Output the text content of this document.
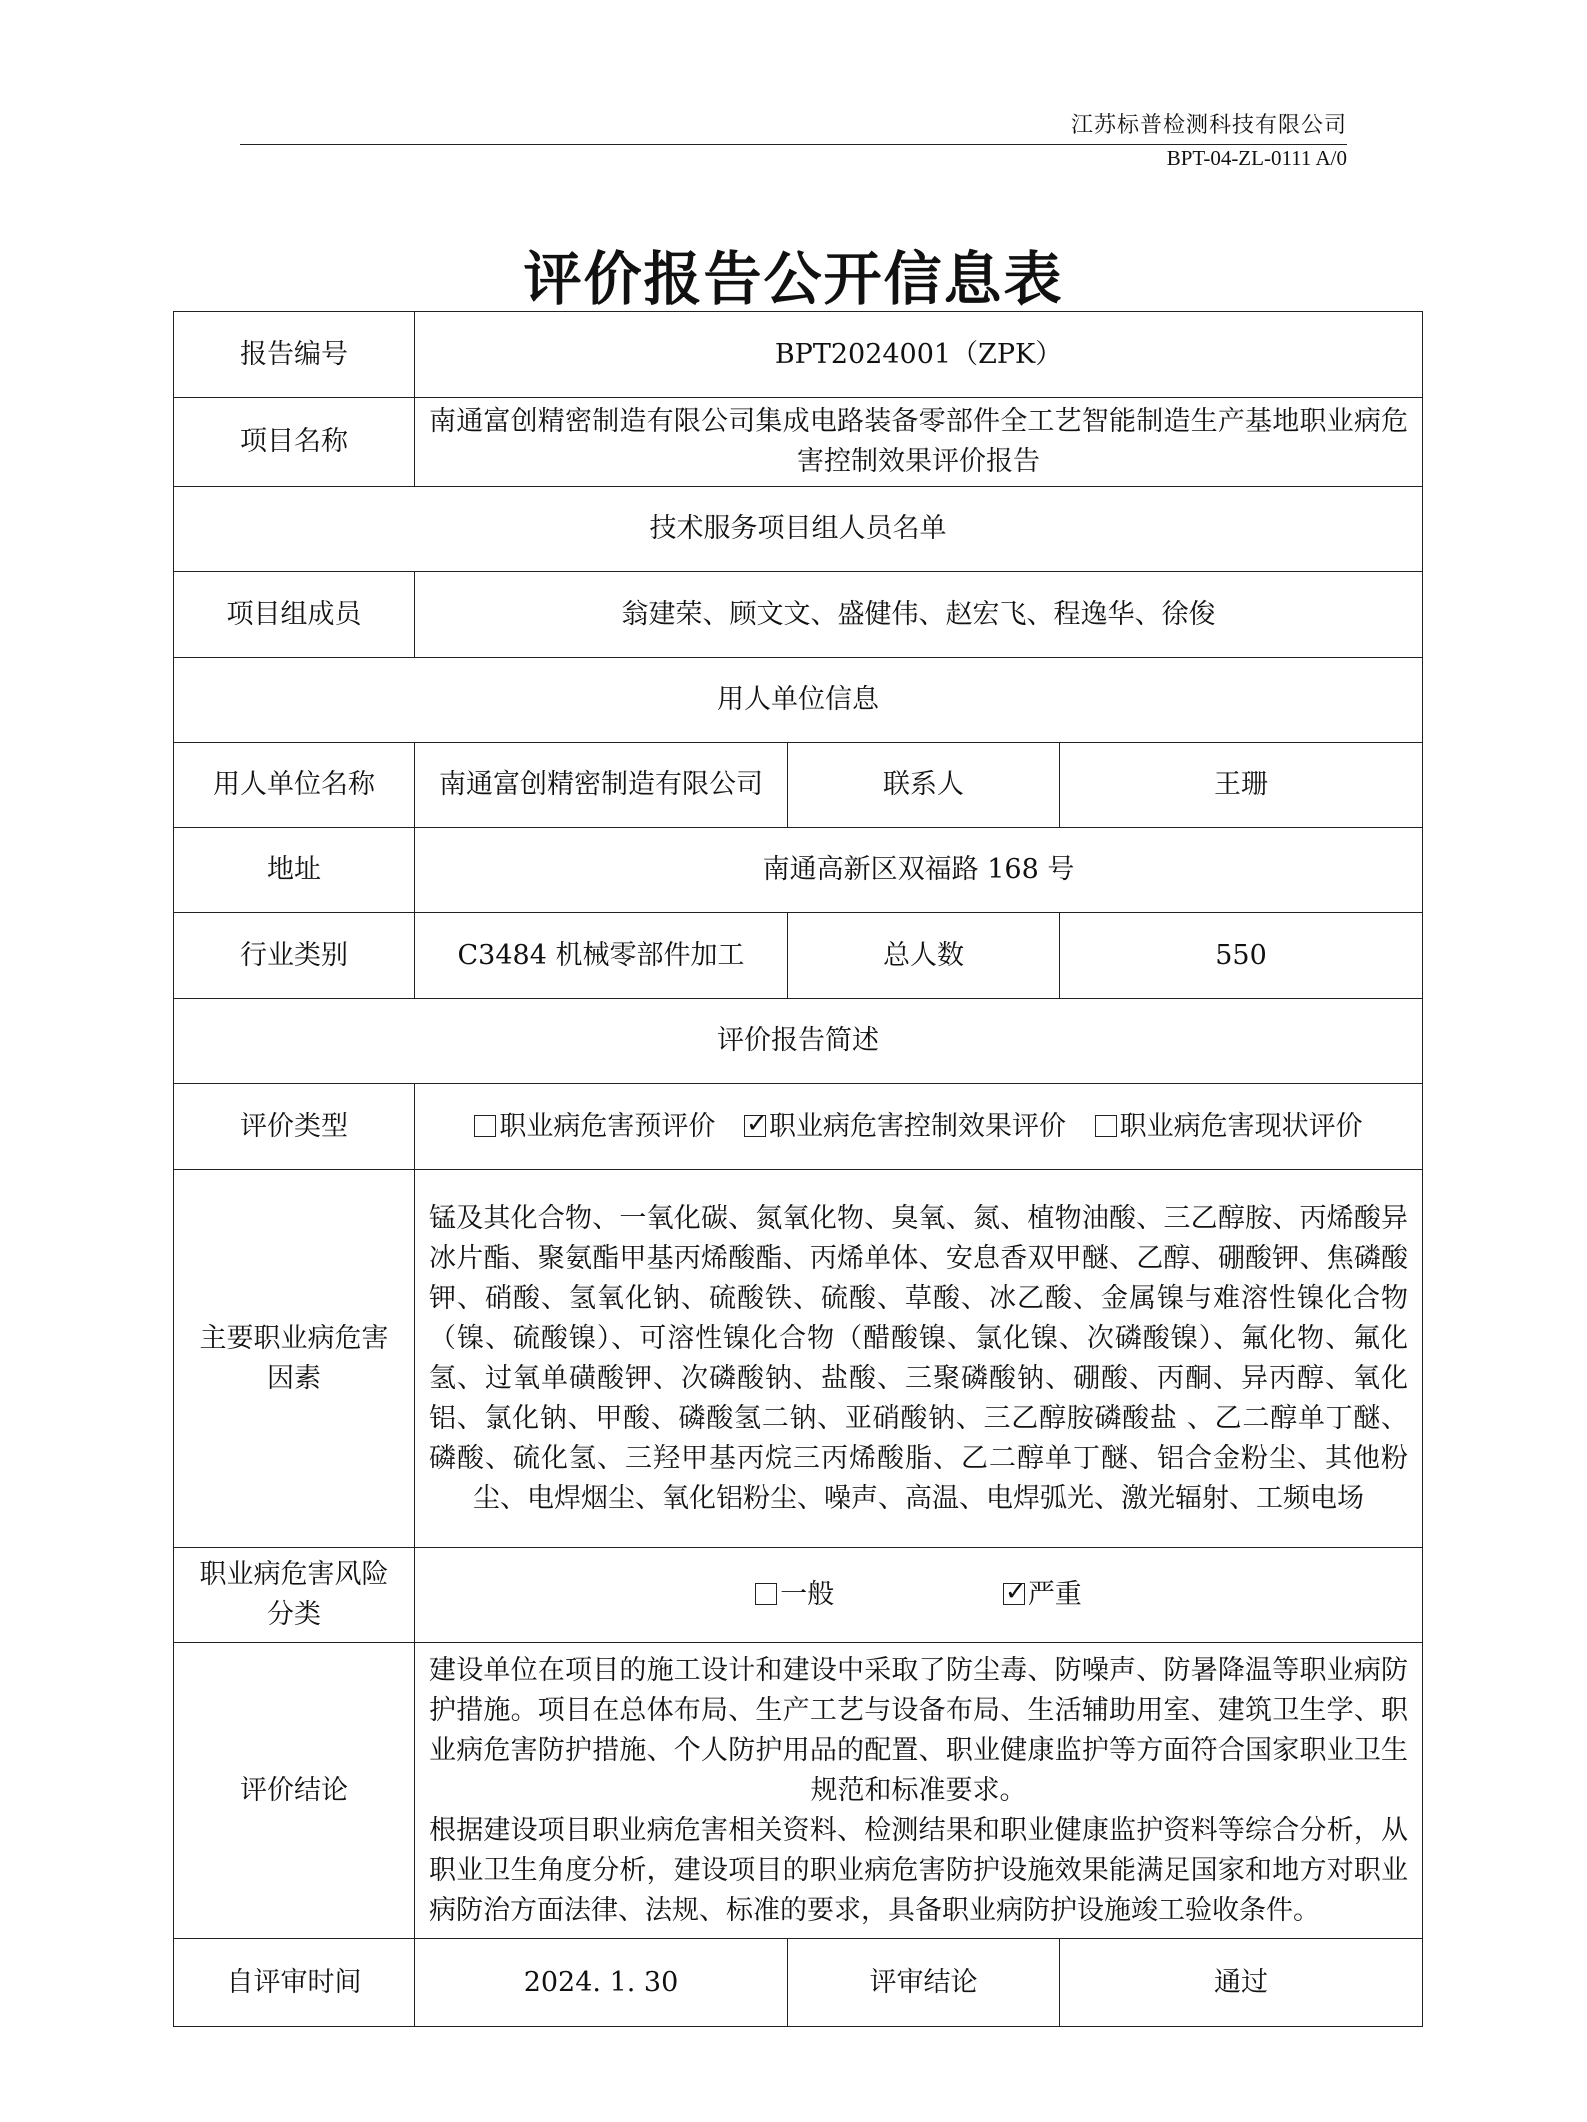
江苏标普检测科技有限公司
BPT-04-ZL-0111 A/0
评价报告公开信息表
报告编号	BPT2024001（ZPK）		
项目名称	南通富创精密制造有限公司集成电路装备零部件全工艺智能制造生产基地职业病危害控制效果评价报告		
技术服务项目组人员名单			
项目组成员	翁建荣、顾文文、盛健伟、赵宏飞、程逸华、徐俊		
用人单位信息			
用人单位名称	南通富创精密制造有限公司	联系人	王珊
地址	南通高新区双福路 168 号		
行业类别	C3484 机械零部件加工	总人数	550
评价报告简述			
评价类型	职业病危害预评价 ✓ 职业病危害控制效果评价 职业病危害现状评价
主要职业病危害因素	锰及其化合物、一氧化碳、氮氧化物、臭氧、氮、植物油酸、三乙醇胺、丙烯酸异冰片酯、聚氨酯甲基丙烯酸酯、丙烯单体、安息香双甲醚、乙醇、硼酸钾、焦磷酸钾、硝酸、氢氧化钠、硫酸铁、硫酸、草酸、冰乙酸、金属镍与难溶性镍化合物（镍、硫酸镍）、可溶性镍化合物（醋酸镍、氯化镍、次磷酸镍）、氟化物、氟化氢、过氧单磺酸钾、次磷酸钠、盐酸、三聚磷酸钠、硼酸、丙酮、异丙醇、氧化铝、氯化钠、甲酸、磷酸氢二钠、亚硝酸钠、三乙醇胺磷酸盐 、乙二醇单丁醚、磷酸、硫化氢、三羟甲基丙烷三丙烯酸脂、乙二醇单丁醚、铝合金粉尘、其他粉尘、电焊烟尘、氧化铝粉尘、噪声、高温、电焊弧光、激光辐射、工频电场		
职业病危害风险分类	一般 ✓ 严重
评价结论	建设单位在项目的施工设计和建设中采取了防尘毒、防噪声、防暑降温等职业病防护措施。项目在总体布局、生产工艺与设备布局、生活辅助用室、建筑卫生学、职业病危害防护措施、个人防护用品的配置、职业健康监护等方面符合国家职业卫生规范和标准要求。
根据建设项目职业病危害相关资料、检测结果和职业健康监护资料等综合分析，从职业卫生角度分析，建设项目的职业病危害防护设施效果能满足国家和地方对职业病防治方面法律、法规、标准的要求，具备职业病防护设施竣工验收条件。		

自评审时间	2024. 1. 30	评审结论	通过
